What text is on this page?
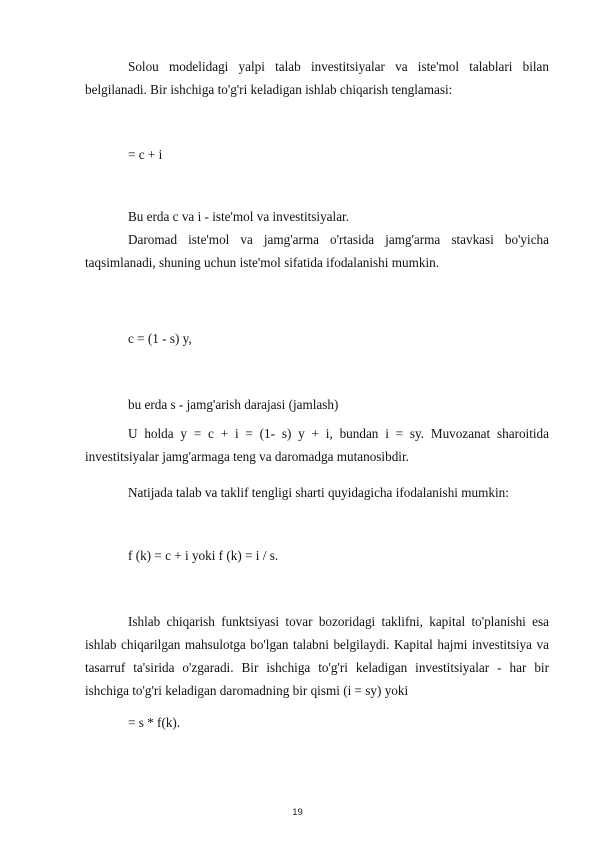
Solou modelidagi yalpi talab investitsiyalar va iste'mol talablari bilan belgilanadi. Bir ishchiga to'g'ri keladigan ishlab chiqarish tenglamasi:

= c + i

Bu erda c va i - iste'mol va investitsiyalar.

Daromad iste'mol va jamg'arma o'rtasida jamg'arma stavkasi bo'yicha taqsimlanadi, shuning uchun iste'mol sifatida ifodalanishi mumkin.

c = (1 - s) y,

bu erda s - jamg'arish darajasi (jamlash)

U holda y = c + i = (1- s) y + i, bundan i = sy. Muvozanat sharoitida investitsiyalar jamg'armaga teng va daromadga mutanosibdir.

Natijada talab va taklif tengligi sharti quyidagicha ifodalanishi mumkin:

f (k) = c + i yoki f (k) = i / s.

Ishlab chiqarish funktsiyasi tovar bozoridagi taklifni, kapital to'planishi esa ishlab chiqarilgan mahsulotga bo'lgan talabni belgilaydi. Kapital hajmi investitsiya va tasarruf ta'sirida o'zgaradi. Bir ishchiga to'g'ri keladigan investitsiyalar - har bir ishchiga to'g'ri keladigan daromadning bir qismi (i = sy) yoki

= s * f(k).

19
